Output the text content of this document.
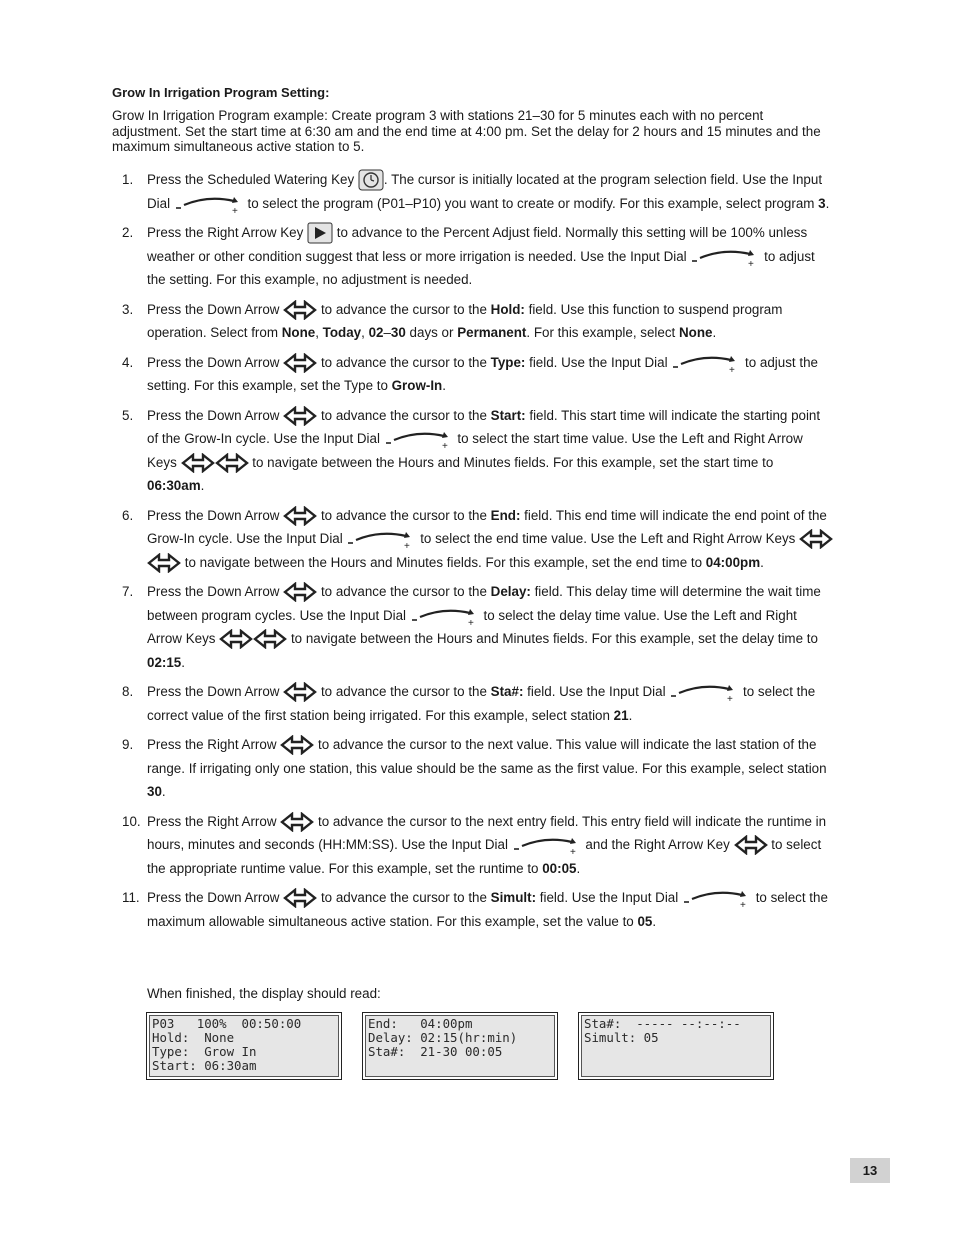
Grow In Irrigation Program Setting:
Grow In Irrigation Program example: Create program 3 with stations 21–30 for 5 minutes each with no percent adjustment. Set the start time at 6:30 am and the end time at 4:00 pm. Set the delay for 2 hours and 15 minutes and the maximum simultaneous active station to 5.
1. Press the Scheduled Watering Key . The cursor is initially located at the program selection field. Use the Input Dial
+
to select the program (P01–P10) you want to create or modify. For this example, select program 3.
2. Press the Right Arrow Key to advance to the Percent Adjust field. Normally this setting will be 100% unless weather or other condition suggest that less or more irrigation is needed. Use the Input Dial
+
to adjust the setting. For this example, no adjustment is needed.
3. Press the Down Arrow	to advance the cursor to the Hold: field. Use this function to suspend program operation. Select from None, Today, 02–30 days or Permanent. For this example, select None.
4. Press the Down Arrow	to advance the cursor to the Type: field. Use the Input Dial
+
to adjust the setting. For this example, set the Type to Grow-In.
5. Press the Down Arrow	to advance the cursor to the Start: field. This start time will indicate the starting point of the Grow-In cycle. Use the Input Dial
+
to select the start time value. Use the Left and Right Arrow Keys	to navigate between the Hours and Minutes fields. For this example, set the start time to 06:30am.
6. Press the Down Arrow	to advance the cursor to the End: field. This end time will indicate the end point of the Grow-In cycle. Use the Input Dial
+
to select the end time value. Use the Left and Right Arrow Keys  to navigate between the Hours and Minutes fields. For this example, set the end time to 04:00pm.
7. Press the Down Arrow	to advance the cursor to the Delay: field. This delay time will determine the wait time between program cycles. Use the Input Dial
+
to select the delay time value. Use the Left and Right Arrow Keys	to navigate between the Hours and Minutes fields. For this example, set the delay time to 02:15.
8. Press the Down Arrow	to advance the cursor to the Sta#: field. Use the Input Dial
+
to select the correct value of the first station being irrigated. For this example, select station 21.
9. Press the Right Arrow	to advance the cursor to the next value. This value will indicate the last station of the range. If irrigating only one station, this value should be the same as the first value. For this example, select station 30.
10. Press the Right Arrow	to advance the cursor to the next entry field. This entry field will indicate the runtime in hours, minutes and seconds (HH:MM:SS). Use the Input Dial
+
and the Right Arrow Key	to select the appropriate runtime value. For this example, set the runtime to 00:05.
11. Press the Down Arrow	to advance the cursor to the Simult: field. Use the Input Dial
+
to select the maximum allowable simultaneous active station. For this example, set the value to 05.
When finished, the display should read:
P03   100%  00:50:00
Hold:  None
Type:  Grow In
Start: 06:30am
End:   04:00pm
Delay: 02:15(hr:min)
Sta#:  21-30 00:05
Sta#:  ----- --:--:--
Simult: 05
13
